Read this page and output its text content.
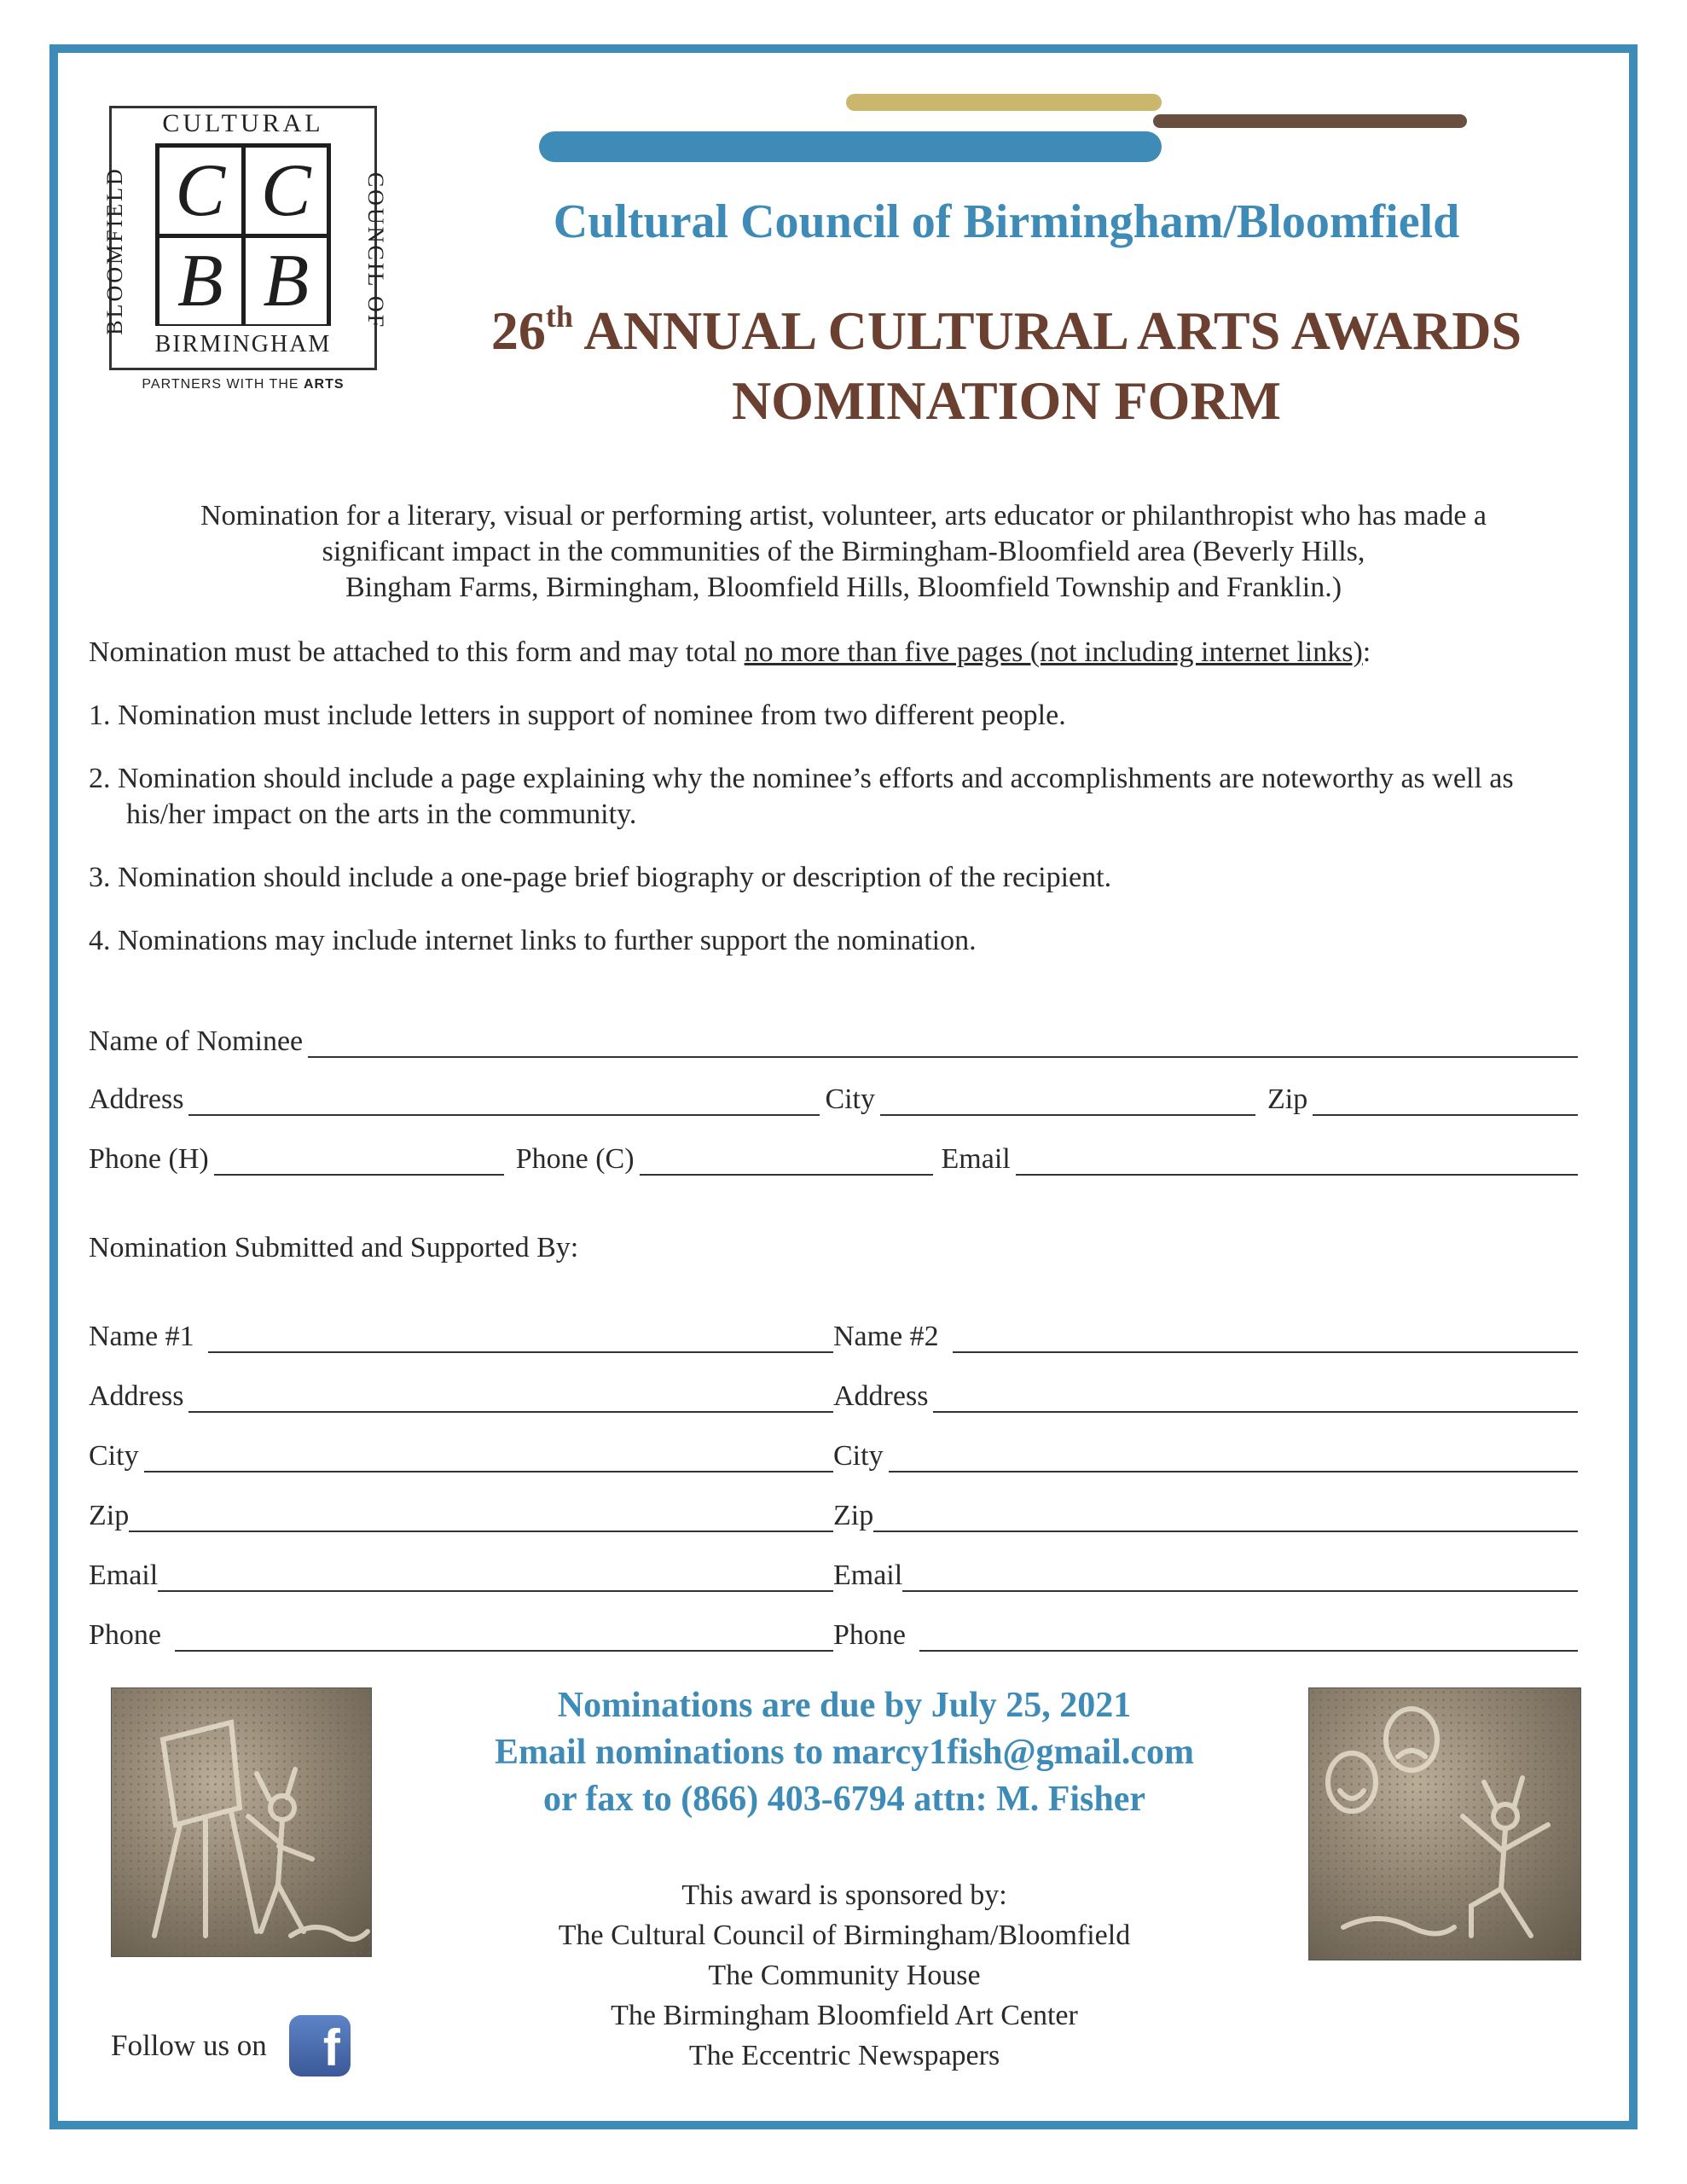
CULTURAL
BLOOMFIELD	COUNCIL OF
C C
B B
BIRMINGHAM
PARTNERS WITH THE ARTS
Cultural Council of Birmingham/Bloomfield
26th ANNUAL CULTURAL ARTS AWARDS
NOMINATION FORM
Nomination for a literary, visual or performing artist, volunteer, arts educator or philanthropist who has made a
significant impact in the communities of the Birmingham-Bloomfield area (Beverly Hills,
Bingham Farms, Birmingham, Bloomfield Hills, Bloomfield Township and Franklin.)
Nomination must be attached to this form and may total no more than five pages (not including internet links):
1. Nomination must include letters in support of nominee from two different people.
2. Nomination should include a page explaining why the nominee’s efforts and accomplishments are noteworthy as well as his/her impact on the arts in the community.
3. Nomination should include a one-page brief biography or description of the recipient.
4. Nominations may include internet links to further support the nomination.
Name of Nominee
Address	City	Zip
Phone (H)	Phone (C)	Email
Nomination Submitted and Supported By:
Name #1	Name #2
Address	Address
City	City
Zip	Zip
Email	Email
Phone	Phone
Nominations are due by July 25, 2021
Email nominations to marcy1fish@gmail.com
or fax to (866) 403-6794 attn: M. Fisher
This award is sponsored by:
The Cultural Council of Birmingham/Bloomfield
The Community House
The Birmingham Bloomfield Art Center
The Eccentric Newspapers
Follow us on	f
